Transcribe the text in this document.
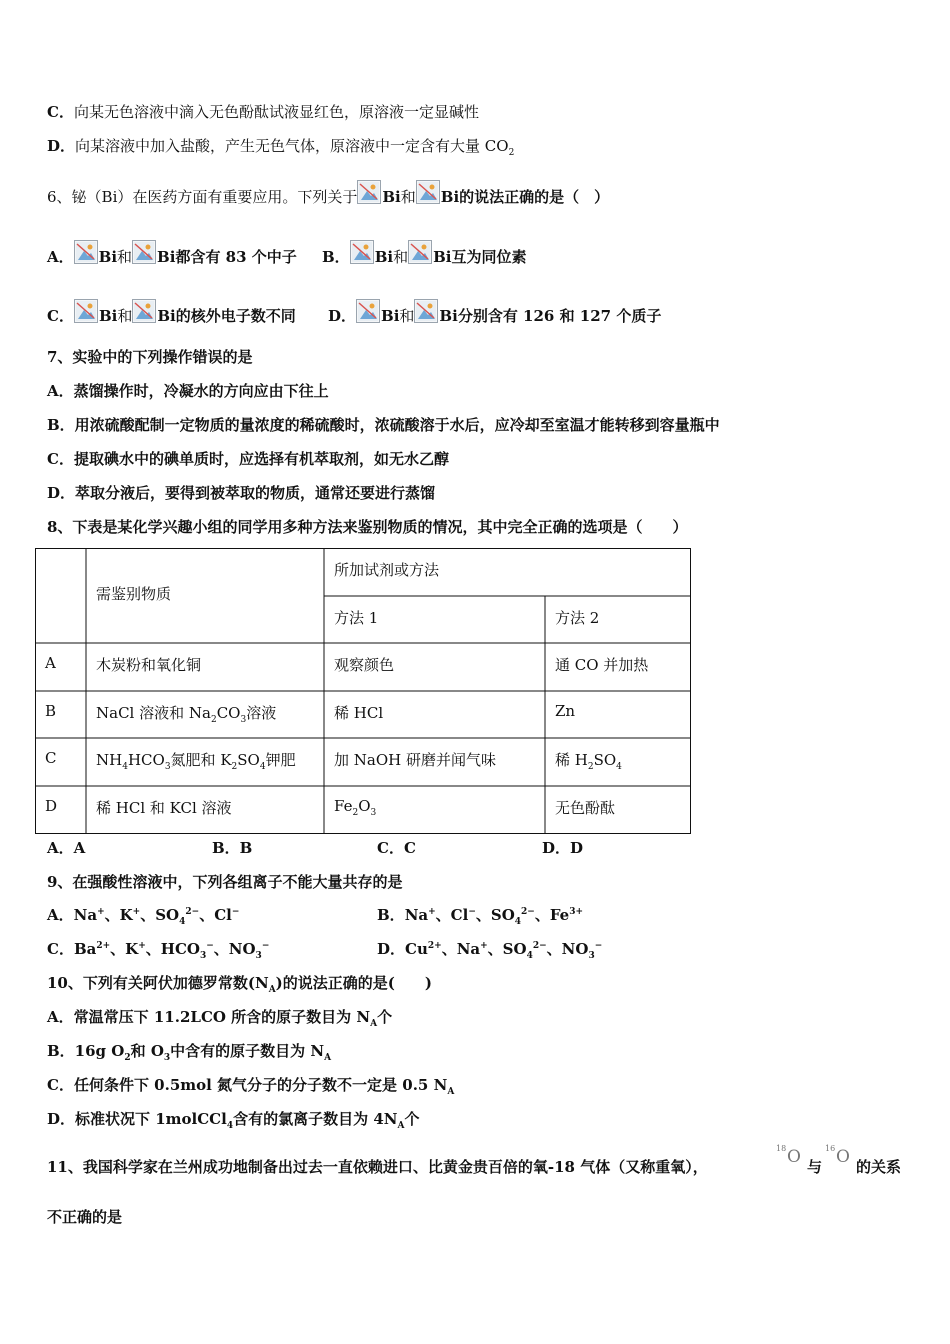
C．向某无色溶液中滴入无色酚酞试液显红色，原溶液一定显碱性
D．向某溶液中加入盐酸，产生无色气体，原溶液中一定含有大量 $CO_2$
6、铋（Bi）在医药方面有重要应用。下列关于 Bi和 Bi的说法正确的是（　）
A． Bi和 Bi都含有 83 个中子 B． Bi和 Bi互为同位素
C． Bi和 Bi的核外电子数不同 D． Bi和 Bi分别含有 126 和 127 个质子
7、实验中的下列操作错误的是
A．蒸馏操作时，冷凝水的方向应由下往上
B．用浓硫酸配制一定物质的量浓度的稀硫酸时，浓硫酸溶于水后，应冷却至室温才能转移到容量瓶中
C．提取碘水中的碘单质时，应选择有机萃取剂，如无水乙醇
D．萃取分液后，要得到被萃取的物质，通常还要进行蒸馏
8、下表是某化学兴趣小组的同学用多种方法来鉴别物质的情况，其中完全正确的选项是（　　）
需鉴别物质
所加试剂或方法
方法 1	方法 2
A	木炭粉和氧化铜	观察颜色	通 CO 并加热
B	NaCl 溶液和 $Na_2CO_3$溶液	稀 HCl	Zn
C	$NH_4HCO_3$氮肥和 $K_2SO_4$钾肥	加 NaOH 研磨并闻气味	稀 $H_2SO_4$
D	稀 HCl 和 KCl 溶液	$Fe_2O_3$	无色酚酞
A．A	B．B	C．C	D．D
9、在强酸性溶液中，下列各组离子不能大量共存的是
A．Na+、K+、$SO_4^{2-}$、Cl−	B．Na+、Cl−、$SO_4^{2-}$、$Fe^{3+}$
C．$Ba^{2+}$、K+、$HCO_3^-$、$NO_3^-$	D．$Cu^{2+}$、Na+、$SO_4^{2-}$、$NO_3^-$
10、下列有关阿伏加德罗常数$(N_A)$的说法正确的是(　　)
A．常温常压下 11.2LCO 所含的原子数目为 $N_A$个
B．16g $O_2$和 $O_3$中含有的原子数目为 $N_A$
C．任何条件下 0.5mol 氮气分子的分子数不一定是 0.5 $N_A$
D．标准状况下 1molCCl$_4$含有的氯离子数目为 $4N_A$个
11、我国科学家在兰州成功地制备出过去一直依赖进口、比黄金贵百倍的氧-18 气体（又称重氧），
18 O 与
16 O 的关系
不正确的是
